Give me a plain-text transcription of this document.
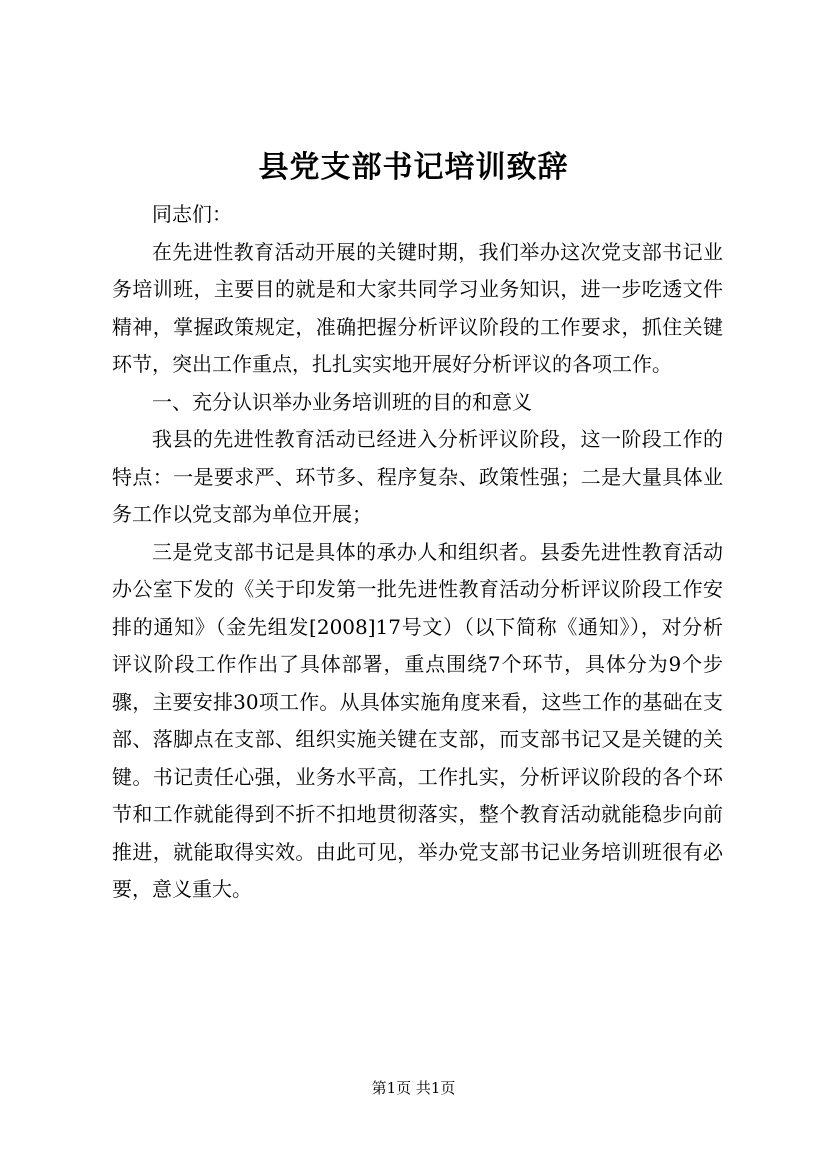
县党支部书记培训致辞

同志们：

在先进性教育活动开展的关键时期，我们举办这次党支部书记业务培训班，主要目的就是和大家共同学习业务知识，进一步吃透文件精神，掌握政策规定，准确把握分析评议阶段的工作要求，抓住关键环节，突出工作重点，扎扎实实地开展好分析评议的各项工作。

一、充分认识举办业务培训班的目的和意义

我县的先进性教育活动已经进入分析评议阶段，这一阶段工作的特点：一是要求严、环节多、程序复杂、政策性强；二是大量具体业务工作以党支部为单位开展；

三是党支部书记是具体的承办人和组织者。县委先进性教育活动办公室下发的《关于印发第一批先进性教育活动分析评议阶段工作安排的通知》（金先组发[2008]17号文）（以下简称《通知》），对分析评议阶段工作作出了具体部署，重点围绕7个环节，具体分为9个步骤，主要安排30项工作。从具体实施角度来看，这些工作的基础在支部、落脚点在支部、组织实施关键在支部，而支部书记又是关键的关键。书记责任心强，业务水平高，工作扎实，分析评议阶段的各个环节和工作就能得到不折不扣地贯彻落实，整个教育活动就能稳步向前推进，就能取得实效。由此可见，举办党支部书记业务培训班很有必要，意义重大。

第1页 共1页
